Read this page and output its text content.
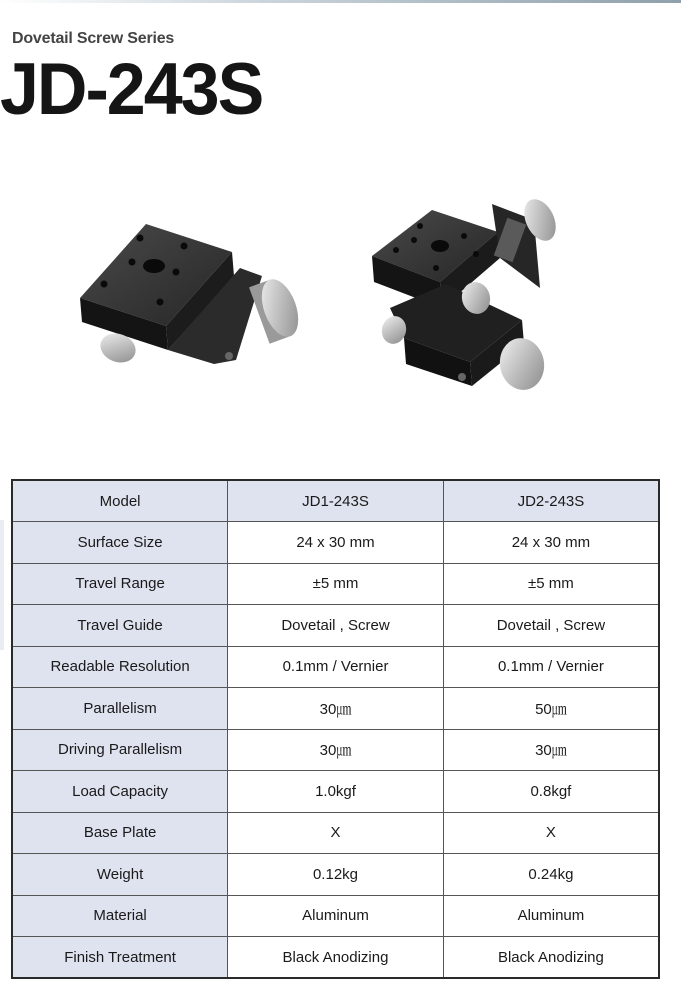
Dovetail Screw Series
JD-243S
Model	JD1-243S	JD2-243S
Surface Size	24 x 30 mm	24 x 30 mm
Travel Range	±5 mm	±5 mm
Travel Guide	Dovetail , Screw	Dovetail , Screw
Readable Resolution	0.1mm / Vernier	0.1mm / Vernier
Parallelism	30㎛	50㎛
Driving Parallelism	30㎛	30㎛
Load Capacity	1.0kgf	0.8kgf
Base Plate	X	X
Weight	0.12kg	0.24kg
Material	Aluminum	Aluminum
Finish Treatment	Black Anodizing	Black Anodizing
